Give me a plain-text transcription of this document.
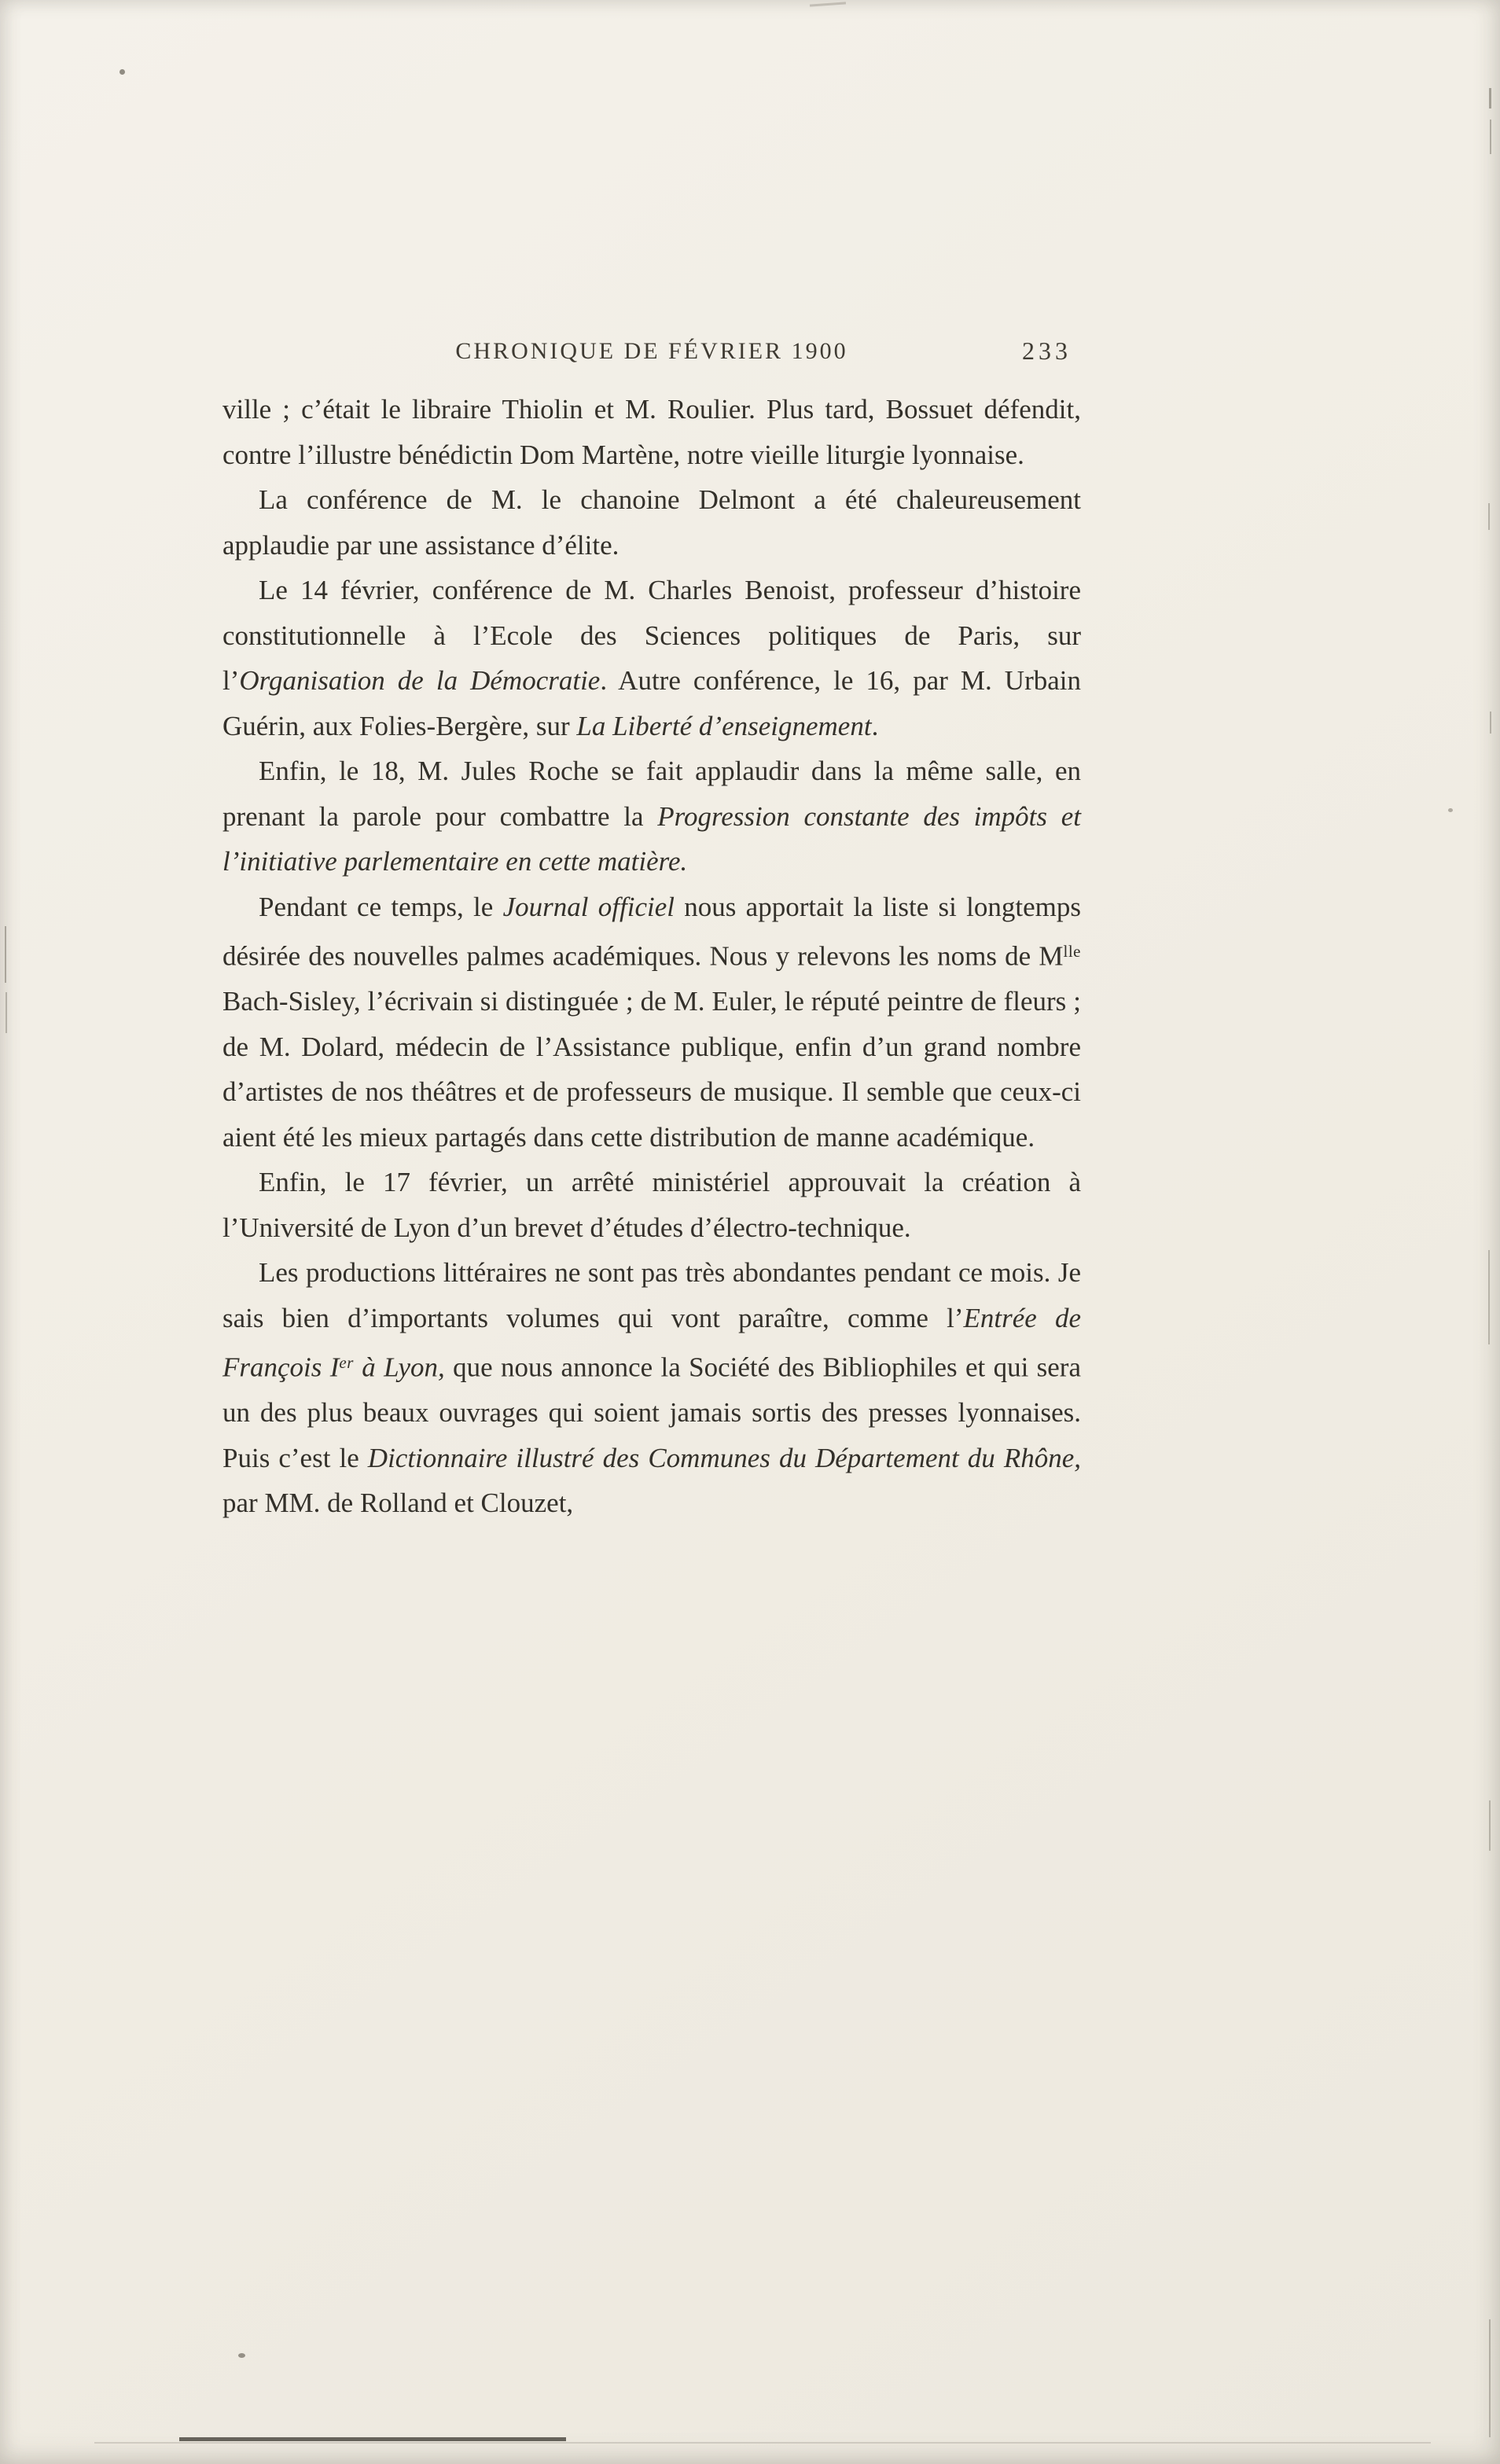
CHRONIQUE DE FÉVRIER 1900	233

ville ; c’était le libraire Thiolin et M. Roulier. Plus tard, Bossuet défendit, contre l’illustre bénédictin Dom Martène, notre vieille liturgie lyonnaise.

La conférence de M. le chanoine Delmont a été chaleureusement applaudie par une assistance d’élite.

Le 14 février, conférence de M. Charles Benoist, professeur d’histoire constitutionnelle à l’Ecole des Sciences politiques de Paris, sur l’Organisation de la Démocratie. Autre conférence, le 16, par M. Urbain Guérin, aux Folies-Bergère, sur La Liberté d’enseignement.

Enfin, le 18, M. Jules Roche se fait applaudir dans la même salle, en prenant la parole pour combattre la Progression constante des impôts et l’initiative parlementaire en cette matière.

Pendant ce temps, le Journal officiel nous apportait la liste si longtemps désirée des nouvelles palmes académiques. Nous y relevons les noms de $M^{lle}$ Bach-Sisley, l’écrivain si distinguée ; de M. Euler, le réputé peintre de fleurs ; de M. Dolard, médecin de l’Assistance publique, enfin d’un grand nombre d’artistes de nos théâtres et de professeurs de musique. Il semble que ceux-ci aient été les mieux partagés dans cette distribution de manne académique.

Enfin, le 17 février, un arrêté ministériel approuvait la création à l’Université de Lyon d’un brevet d’études d’électro-technique.

Les productions littéraires ne sont pas très abondantes pendant ce mois. Je sais bien d’importants volumes qui vont paraître, comme l’Entrée de François Ier à Lyon, que nous annonce la Société des Bibliophiles et qui sera un des plus beaux ouvrages qui soient jamais sortis des presses lyonnaises. Puis c’est le Dictionnaire illustré des Communes du Département du Rhône, par MM. de Rolland et Clouzet,
